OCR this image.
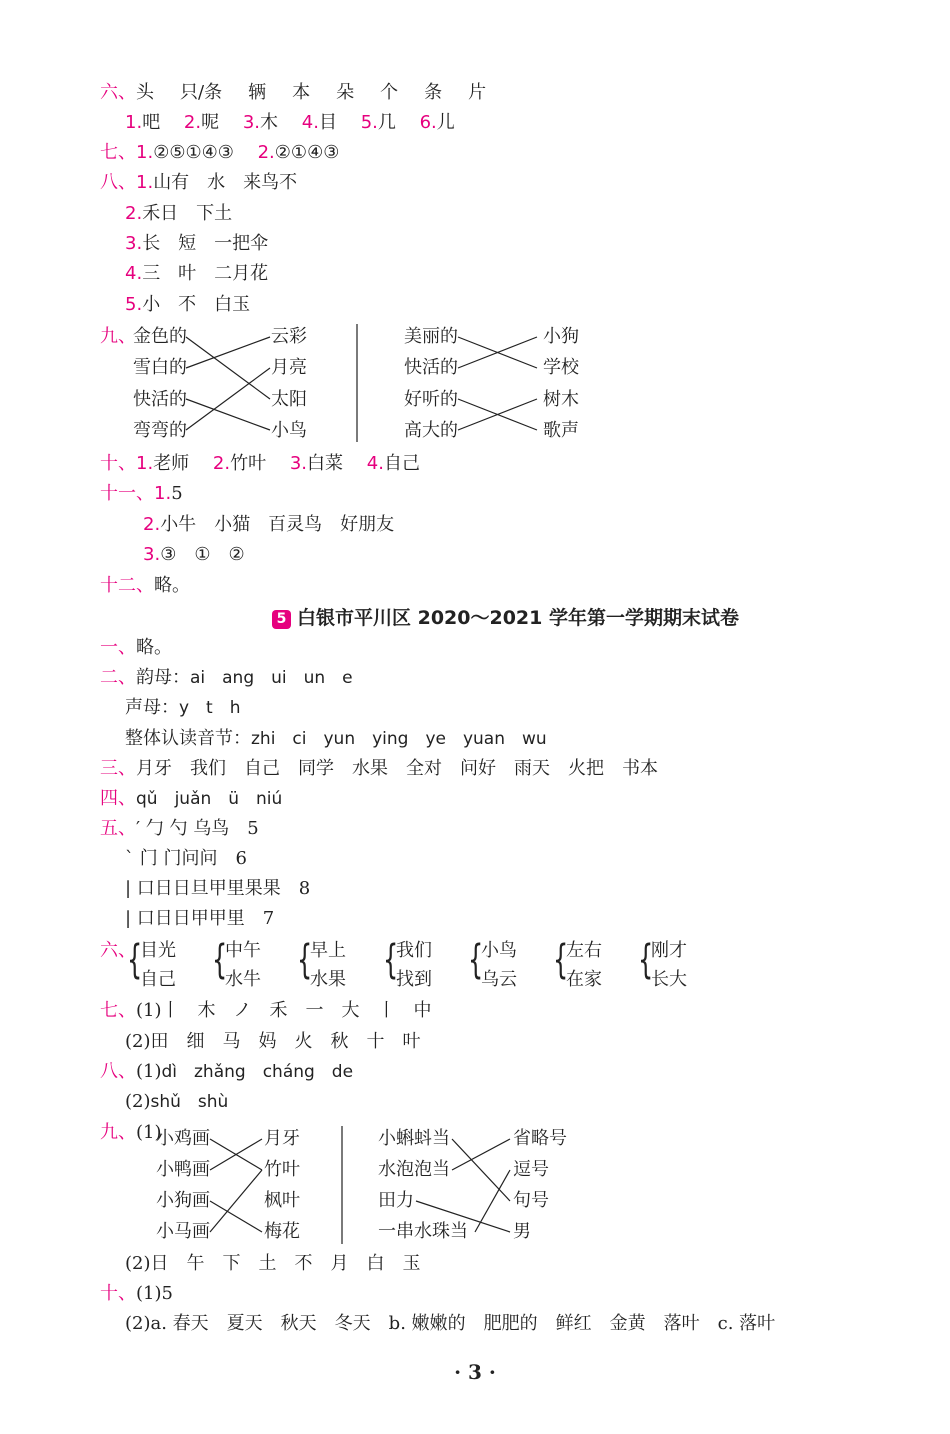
六、头 只/条 辆 本 朵 个 条 片
1.吧 2.呢 3.木 4.目 5.几 6.儿
七、1.②⑤①④③ 2.②①④③
八、1.山有　水　来鸟不
2.禾日　下土
3.长　短　一把伞
4.三　叶　二月花
5.小　不　白玉
九、
金色的
雪白的
快活的
弯弯的
云彩
月亮
太阳
小鸟
美丽的
快活的
好听的
高大的
小狗
学校
树木
歌声
十、1.老师 2.竹叶 3.白菜 4.自己
十一、1.5
2.小牛　小猫　百灵鸟　好朋友
3.③　①　②
十二、略。
5 白银市平川区 2020～2021 学年第一学期期末试卷
一、略。
二、韵母：ai　ang　ui　un　e
声母：y　t　h
整体认读音节：zhi　ci　yun　ying　ye　yuan　wu
三、月牙　我们　自己　同学　水果　全对　问好　雨天　火把　书本
四、qǔ　juǎn　ü　niú
五、′ 勹 勺 乌鸟 5
` 门 门问问 6
| 口日日旦甲里果果 8
| 口日日甲甲里 7
六、
{
目光
自己 {
中午
水牛 {
早上
水果 {
我们
找到 {
小鸟
乌云 {
左右
在家 {
刚才
长大
七、(1)丨　木　ノ　禾　一　大　丨　中
(2)田　细　马　妈　火　秋　十　叶
八、(1)dì　zhǎng　cháng　de
(2)shǔ　shù
九、(1)
小鸡画
小鸭画
小狗画
小马画
月牙
竹叶
枫叶
梅花
小蝌蚪当
水泡泡当
田力
一串水珠当
省略号
逗号
句号
男
(2)日　午　下　土　不　月　白　玉
十、(1)5
(2)a. 春天　夏天　秋天　冬天　b. 嫩嫩的　肥肥的　鲜红　金黄　落叶　c. 落叶
· 3 ·
